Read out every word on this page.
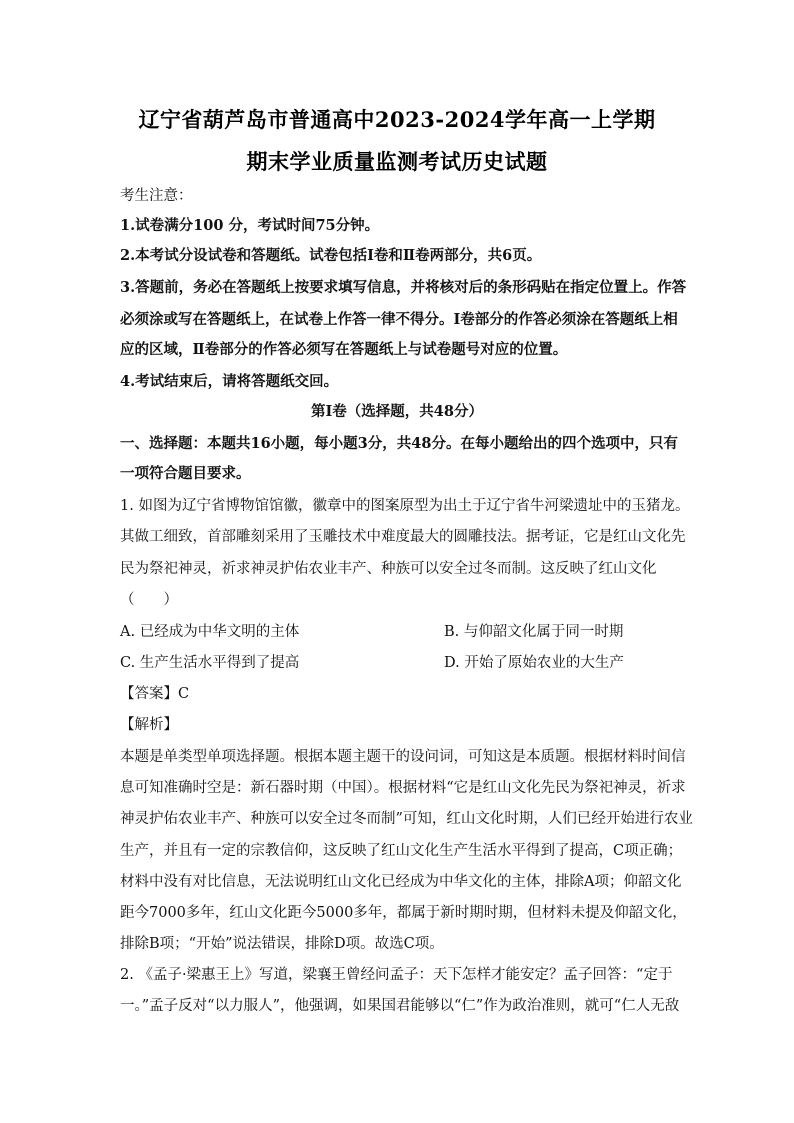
辽宁省葫芦岛市普通高中2023-2024学年高一上学期
期末学业质量监测考试历史试题
考生注意：
1.试卷满分100 分，考试时间75分钟。
2.本考试分设试卷和答题纸。试卷包括Ⅰ卷和Ⅱ卷两部分，共6页。
3.答题前，务必在答题纸上按要求填写信息，并将核对后的条形码贴在指定位置上。作答
必须涂或写在答题纸上，在试卷上作答一律不得分。Ⅰ卷部分的作答必须涂在答题纸上相
应的区域，Ⅱ卷部分的作答必须写在答题纸上与试卷题号对应的位置。
4.考试结束后，请将答题纸交回。
第Ⅰ卷（选择题，共48分）
一、选择题：本题共16小题，每小题3分，共48分。在每小题给出的四个选项中，只有
一项符合题目要求。
1. 如图为辽宁省博物馆馆徽，徽章中的图案原型为出土于辽宁省牛河梁遗址中的玉猪龙。
其做工细致，首部雕刻采用了玉雕技术中难度最大的圆雕技法。据考证，它是红山文化先
民为祭祀神灵，祈求神灵护佑农业丰产、种族可以安全过冬而制。这反映了红山文化
（　　）
A. 已经成为中华文明的主体	B. 与仰韶文化属于同一时期
C. 生产生活水平得到了提高	D. 开始了原始农业的大生产
【答案】C
【解析】
本题是单类型单项选择题。根据本题主题干的设问词，可知这是本质题。根据材料时间信
息可知准确时空是：新石器时期（中国）。根据材料“它是红山文化先民为祭祀神灵，祈求
神灵护佑农业丰产、种族可以安全过冬而制”可知，红山文化时期，人们已经开始进行农业
生产，并且有一定的宗教信仰，这反映了红山文化生产生活水平得到了提高，C项正确；
材料中没有对比信息，无法说明红山文化已经成为中华文化的主体，排除A项；仰韶文化
距今7000多年，红山文化距今5000多年，都属于新时期时期，但材料未提及仰韶文化，
排除B项；“开始”说法错误，排除D项。故选C项。
2. 《孟子·梁惠王上》写道，梁襄王曾经问孟子：天下怎样才能安定？孟子回答：“定于
一。”孟子反对“以力服人”，他强调，如果国君能够以“仁”作为政治准则，就可“仁人无敌
